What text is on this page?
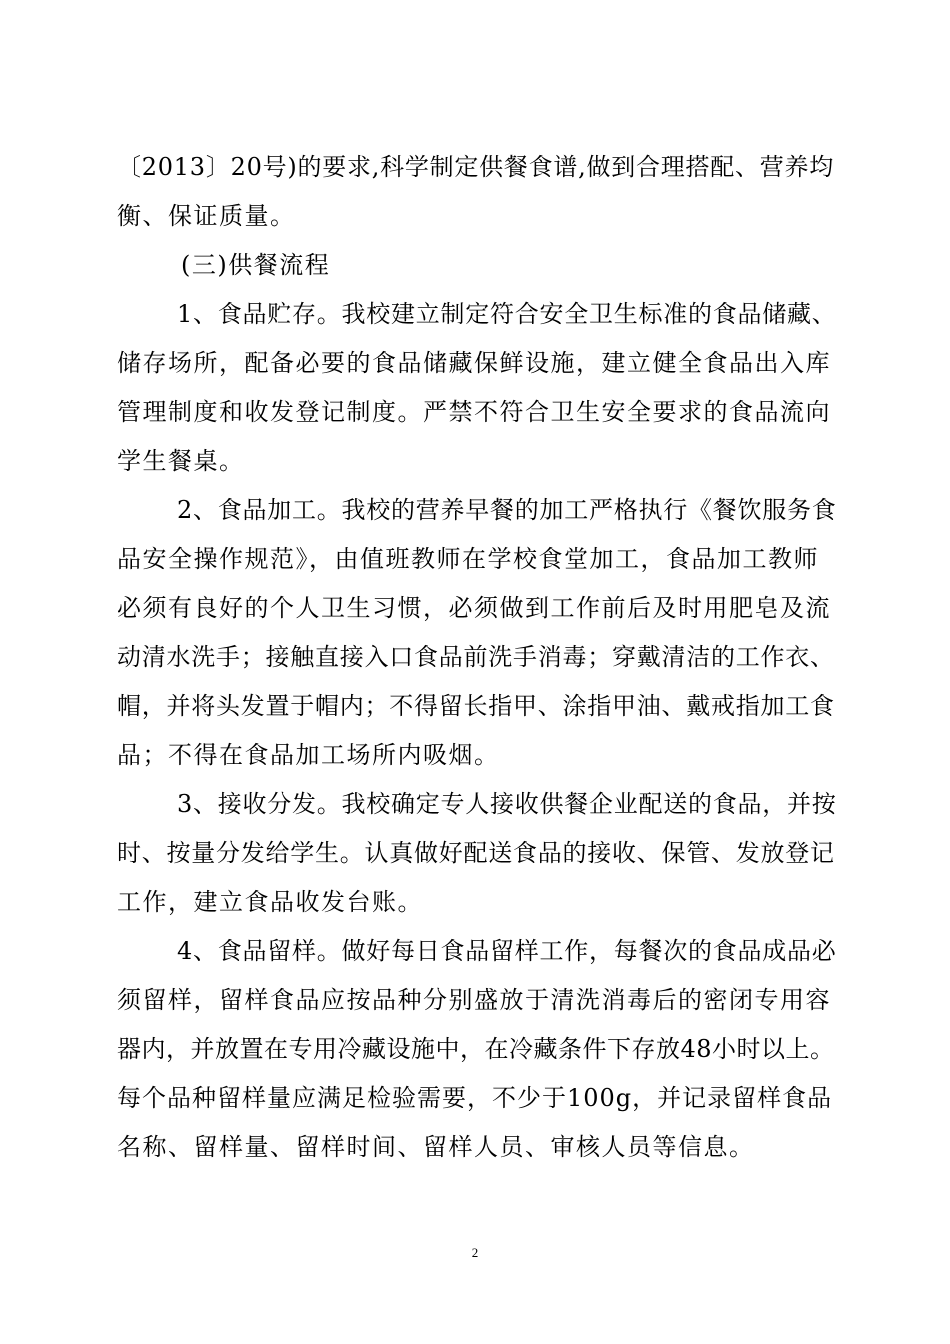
〔2013〕20号)的要求,科学制定供餐食谱,做到合理搭配、营养均
衡、保证质量。
(三)供餐流程
1、食品贮存。我校建立制定符合安全卫生标准的食品储藏、
储存场所，配备必要的食品储藏保鲜设施，建立健全食品出入库
管理制度和收发登记制度。严禁不符合卫生安全要求的食品流向
学生餐桌。
2、食品加工。我校的营养早餐的加工严格执行《餐饮服务食
品安全操作规范》，由值班教师在学校食堂加工，食品加工教师
必须有良好的个人卫生习惯，必须做到工作前后及时用肥皂及流
动清水洗手；接触直接入口食品前洗手消毒；穿戴清洁的工作衣、
帽，并将头发置于帽内；不得留长指甲、涂指甲油、戴戒指加工食
品；不得在食品加工场所内吸烟。
3、接收分发。我校确定专人接收供餐企业配送的食品，并按
时、按量分发给学生。认真做好配送食品的接收、保管、发放登记
工作，建立食品收发台账。
4、食品留样。做好每日食品留样工作，每餐次的食品成品必
须留样，留样食品应按品种分别盛放于清洗消毒后的密闭专用容
器内，并放置在专用冷藏设施中，在冷藏条件下存放48小时以上。
每个品种留样量应满足检验需要，不少于100g，并记录留样食品
名称、留样量、留样时间、留样人员、审核人员等信息。
2
